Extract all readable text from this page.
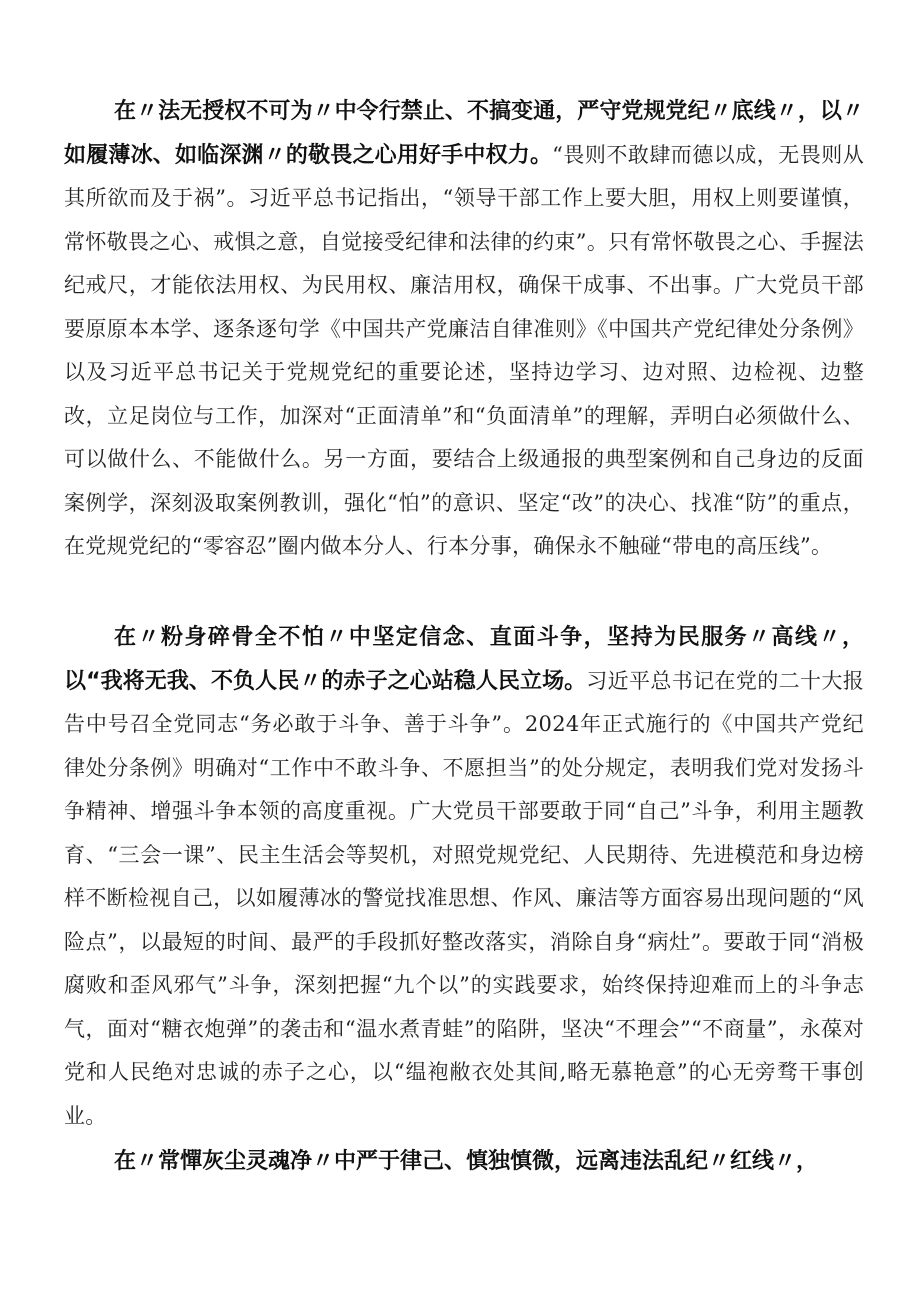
在〃法无授权不可为〃中令行禁止、不搞变通，严守党规党纪〃底线〃，以〃如履薄冰、如临深渊〃的敬畏之心用好手中权力。“畏则不敢肆而德以成，无畏则从其所欲而及于祸”。习近平总书记指出，“领导干部工作上要大胆，用权上则要谨慎，常怀敬畏之心、戒惧之意，自觉接受纪律和法律的约束”。只有常怀敬畏之心、手握法纪戒尺，才能依法用权、为民用权、廉洁用权，确保干成事、不出事。广大党员干部要原原本本学、逐条逐句学《中国共产党廉洁自律准则》《中国共产党纪律处分条例》以及习近平总书记关于党规党纪的重要论述，坚持边学习、边对照、边检视、边整改，立足岗位与工作，加深对“正面清单”和“负面清单”的理解，弄明白必须做什么、可以做什么、不能做什么。另一方面，要结合上级通报的典型案例和自己身边的反面案例学，深刻汲取案例教训，强化“怕”的意识、坚定“改”的决心、找准“防”的重点，在党规党纪的“零容忍”圈内做本分人、行本分事，确保永不触碰“带电的高压线”。

在〃粉身碎骨全不怕〃中坚定信念、直面斗争，坚持为民服务〃高线〃，以“我将无我、不负人民〃的赤子之心站稳人民立场。习近平总书记在党的二十大报告中号召全党同志“务必敢于斗争、善于斗争”。2024年正式施行的《中国共产党纪律处分条例》明确对“工作中不敢斗争、不愿担当”的处分规定，表明我们党对发扬斗争精神、增强斗争本领的高度重视。广大党员干部要敢于同“自己”斗争，利用主题教育、“三会一课”、民主生活会等契机，对照党规党纪、人民期待、先进模范和身边榜样不断检视自己，以如履薄冰的警觉找准思想、作风、廉洁等方面容易出现问题的“风险点”，以最短的时间、最严的手段抓好整改落实，消除自身“病灶”。要敢于同“消极腐败和歪风邪气”斗争，深刻把握“九个以”的实践要求，始终保持迎难而上的斗争志气，面对“糖衣炮弹”的袭击和“温水煮青蛙”的陷阱，坚决“不理会”“不商量”，永葆对党和人民绝对忠诚的赤子之心，以“缊袍敝衣处其间,略无慕艳意”的心无旁骛干事创业。

在〃常憚灰尘灵魂净〃中严于律己、慎独慎微，远离违法乱纪〃红线〃，
